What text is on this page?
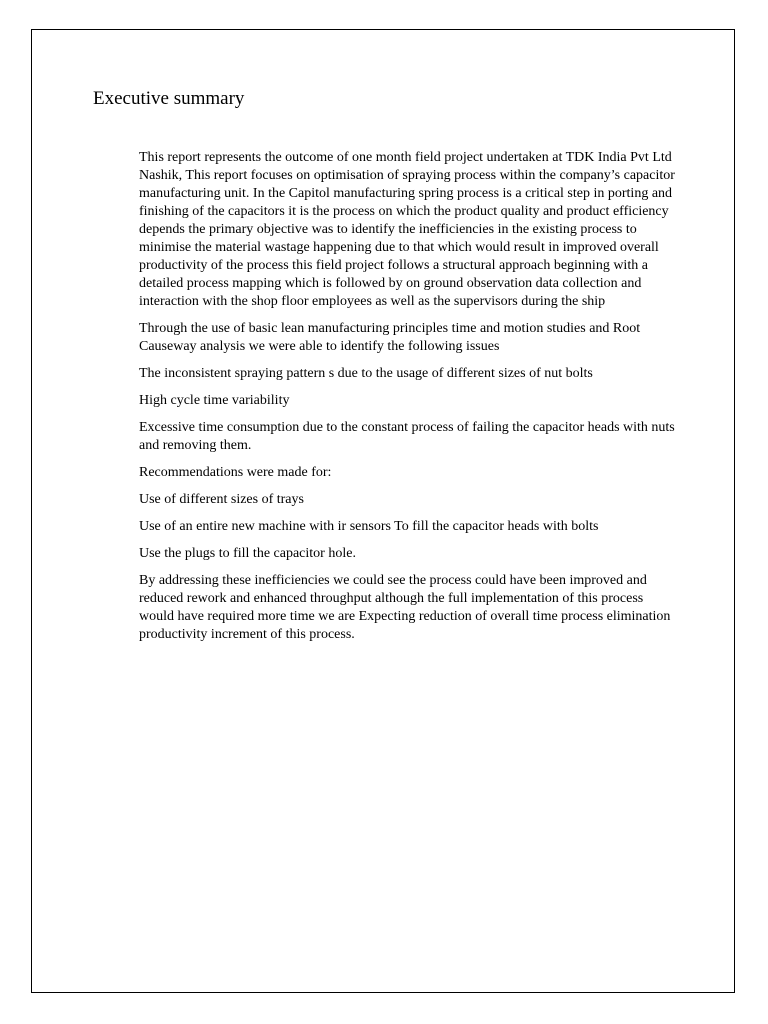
Executive summary

This report represents the outcome of one month field project undertaken at TDK India Pvt Ltd Nashik, This report focuses on optimisation of spraying process within the company’s capacitor manufacturing unit. In the Capitol manufacturing spring process is a critical step in porting and finishing of the capacitors it is the process on which the product quality and product efficiency depends the primary objective was to identify the inefficiencies in the existing process to minimise the material wastage happening due to that which would result in improved overall productivity of the process this field project follows a structural approach beginning with a detailed process mapping which is followed by on ground observation data collection and interaction with the shop floor employees as well as the supervisors during the ship

Through the use of basic lean manufacturing principles time and motion studies and Root Causeway analysis we were able to identify the following issues

The inconsistent spraying pattern s due to the usage of different sizes of nut bolts

High cycle time variability

Excessive time consumption due to the constant process of failing the capacitor heads with nuts and removing them.

Recommendations were made for:

Use of different sizes of trays

Use of an entire new machine with ir sensors To fill the capacitor heads with bolts

Use the plugs to fill the capacitor hole.

By addressing these inefficiencies we could see the process could have been improved and reduced rework and enhanced throughput although the full implementation of this process would have required more time we are Expecting reduction of overall time process elimination productivity increment of this process.
